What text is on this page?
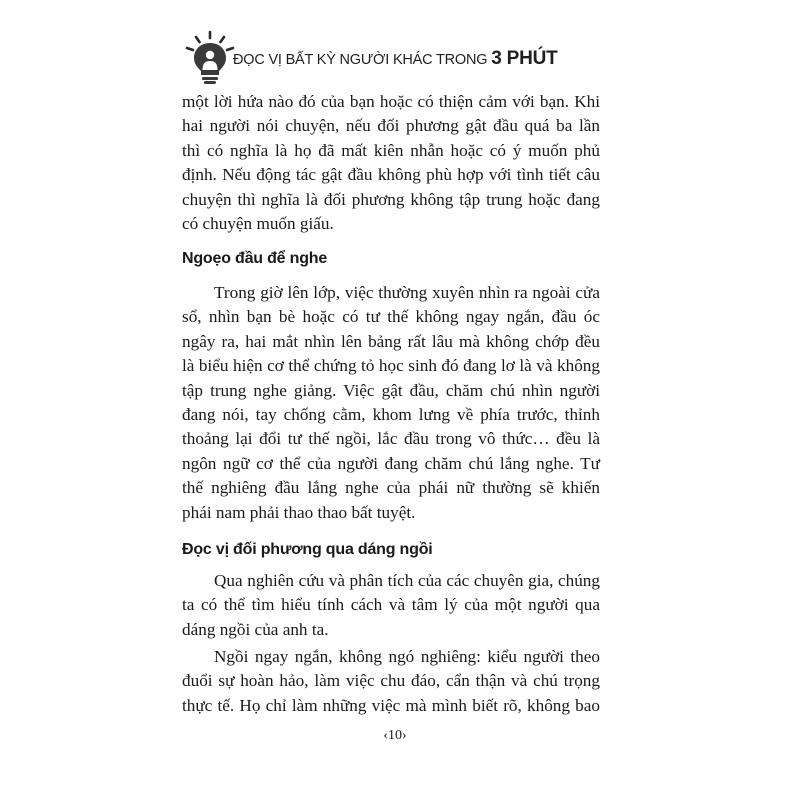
ĐỌC VỊ BẤT KỲ NGƯỜI KHÁC TRONG 3 PHÚT

một lời hứa nào đó của bạn hoặc có thiện cảm với bạn. Khi

hai người nói chuyện, nếu đối phương gật đầu quá ba lần

thì có nghĩa là họ đã mất kiên nhẫn hoặc có ý muốn phủ

định. Nếu động tác gật đầu không phù hợp với tình tiết câu

chuyện thì nghĩa là đối phương không tập trung hoặc đang

có chuyện muốn giấu.

Ngoẹo đầu để nghe

Trong giờ lên lớp, việc thường xuyên nhìn ra ngoài cửa

sổ, nhìn bạn bè hoặc có tư thế không ngay ngắn, đầu óc

ngây ra, hai mắt nhìn lên bảng rất lâu mà không chớp đều

là biểu hiện cơ thể chứng tỏ học sinh đó đang lơ là và không

tập trung nghe giảng. Việc gật đầu, chăm chú nhìn người

đang nói, tay chống cằm, khom lưng về phía trước, thỉnh

thoảng lại đổi tư thế ngồi, lắc đầu trong vô thức… đều là

ngôn ngữ cơ thể của người đang chăm chú lắng nghe. Tư

thế nghiêng đầu lắng nghe của phái nữ thường sẽ khiến

phái nam phải thao thao bất tuyệt.

Đọc vị đối phương qua dáng ngồi

Qua nghiên cứu và phân tích của các chuyên gia, chúng

ta có thể tìm hiểu tính cách và tâm lý của một người qua

dáng ngồi của anh ta.

Ngồi ngay ngắn, không ngó nghiêng: kiểu người theo

đuổi sự hoàn hảo, làm việc chu đáo, cẩn thận và chú trọng

thực tế. Họ chỉ làm những việc mà mình biết rõ, không bao

‹10›
